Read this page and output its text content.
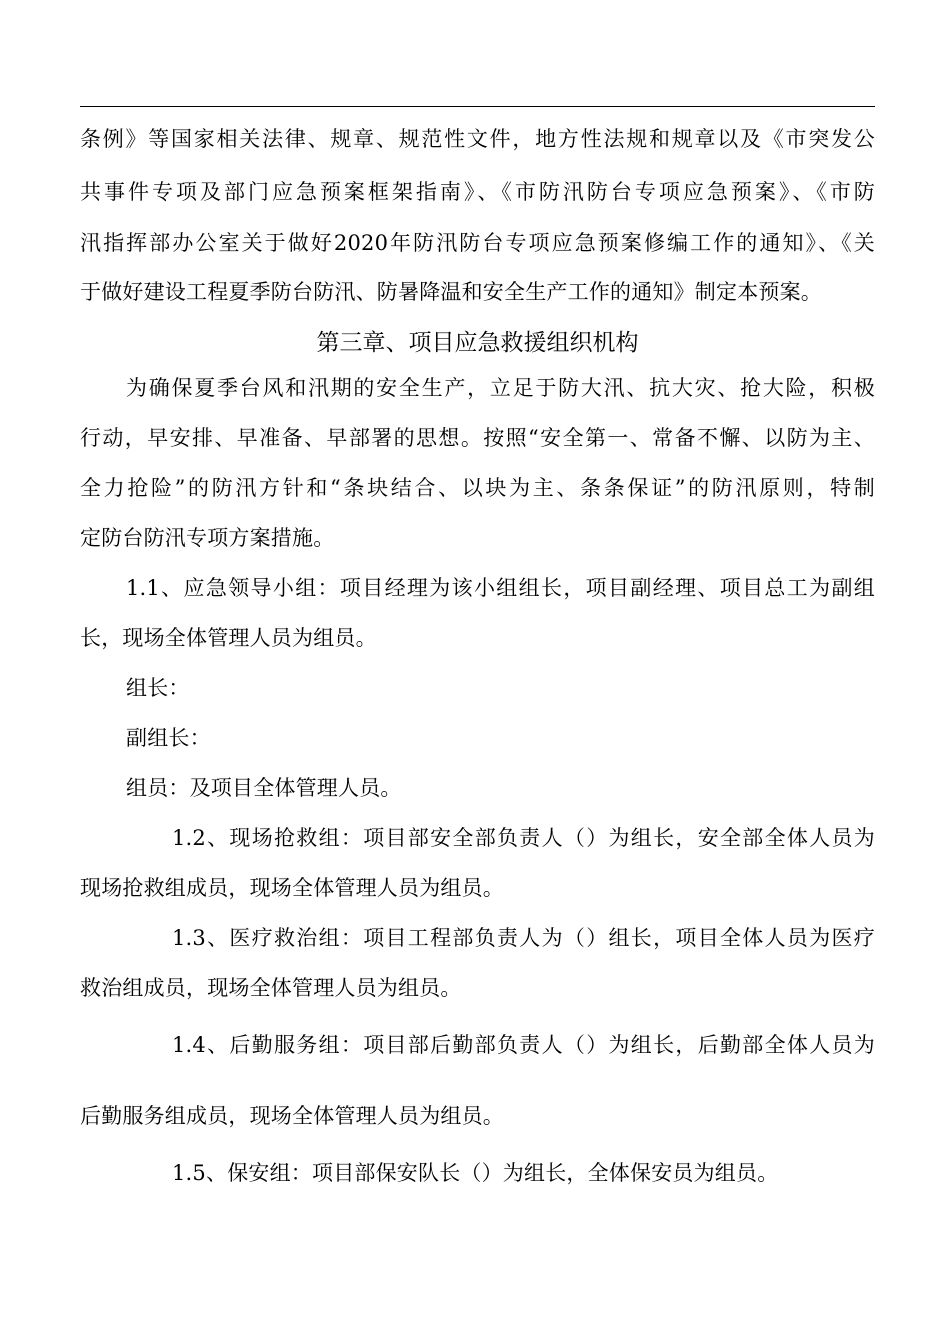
条例》等国家相关法律、规章、规范性文件，地方性法规和规章以及《市突发公
共事件专项及部门应急预案框架指南》、《市防汛防台专项应急预案》、《市防
汛指挥部办公室关于做好2020年防汛防台专项应急预案修编工作的通知》、《关
于做好建设工程夏季防台防汛、防暑降温和安全生产工作的通知》制定本预案。
第三章、项目应急救援组织机构
为确保夏季台风和汛期的安全生产，立足于防大汛、抗大灾、抢大险，积极
行动，早安排、早准备、早部署的思想。按照“安全第一、常备不懈、以防为主、
全力抢险”的防汛方针和“条块结合、以块为主、条条保证”的防汛原则，特制
定防台防汛专项方案措施。
1.1、应急领导小组：项目经理为该小组组长，项目副经理、项目总工为副组
长，现场全体管理人员为组员。
组长：
副组长：
组员：及项目全体管理人员。
1.2、现场抢救组：项目部安全部负责人（）为组长，安全部全体人员为
现场抢救组成员，现场全体管理人员为组员。
1.3、医疗救治组：项目工程部负责人为（）组长，项目全体人员为医疗
救治组成员，现场全体管理人员为组员。
1.4、后勤服务组：项目部后勤部负责人（）为组长，后勤部全体人员为
后勤服务组成员，现场全体管理人员为组员。
1.5、保安组：项目部保安队长（）为组长，全体保安员为组员。
